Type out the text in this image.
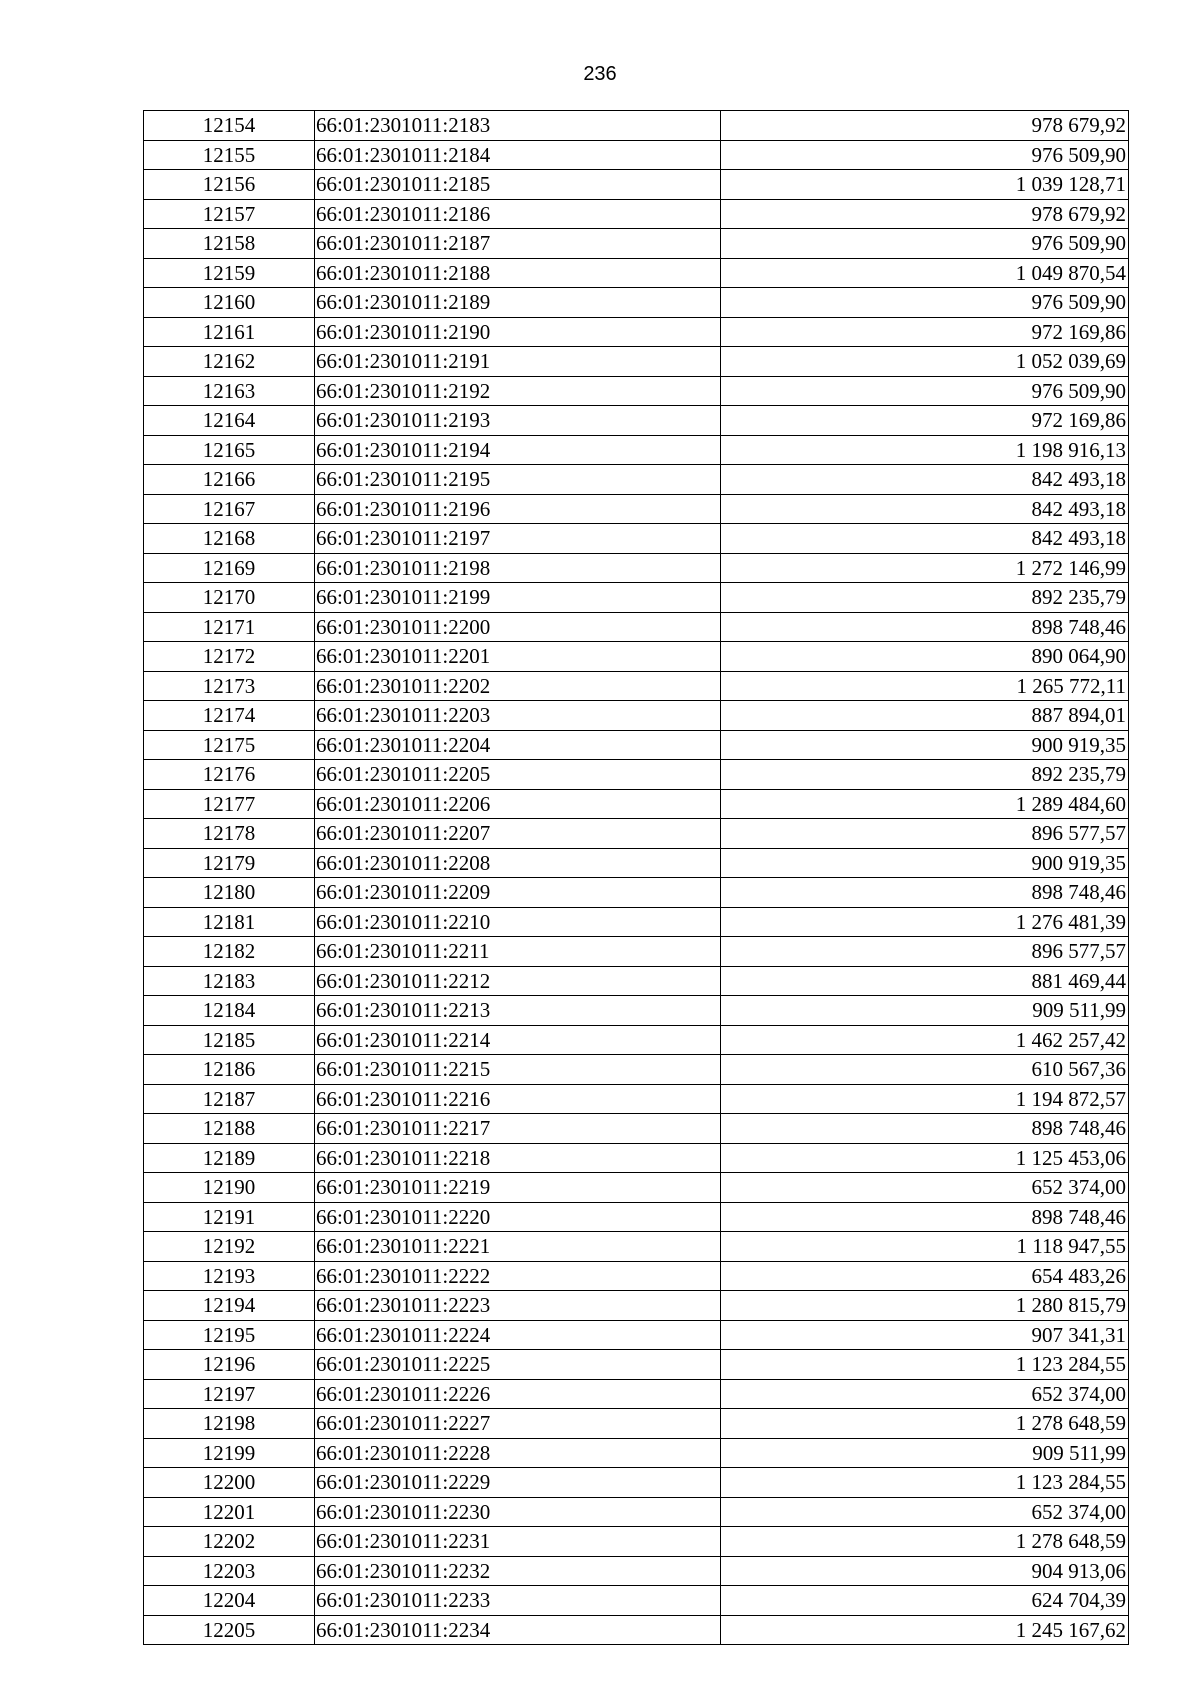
236
12154	66:01:2301011:2183	978 679,92
12155	66:01:2301011:2184	976 509,90
12156	66:01:2301011:2185	1 039 128,71
12157	66:01:2301011:2186	978 679,92
12158	66:01:2301011:2187	976 509,90
12159	66:01:2301011:2188	1 049 870,54
12160	66:01:2301011:2189	976 509,90
12161	66:01:2301011:2190	972 169,86
12162	66:01:2301011:2191	1 052 039,69
12163	66:01:2301011:2192	976 509,90
12164	66:01:2301011:2193	972 169,86
12165	66:01:2301011:2194	1 198 916,13
12166	66:01:2301011:2195	842 493,18
12167	66:01:2301011:2196	842 493,18
12168	66:01:2301011:2197	842 493,18
12169	66:01:2301011:2198	1 272 146,99
12170	66:01:2301011:2199	892 235,79
12171	66:01:2301011:2200	898 748,46
12172	66:01:2301011:2201	890 064,90
12173	66:01:2301011:2202	1 265 772,11
12174	66:01:2301011:2203	887 894,01
12175	66:01:2301011:2204	900 919,35
12176	66:01:2301011:2205	892 235,79
12177	66:01:2301011:2206	1 289 484,60
12178	66:01:2301011:2207	896 577,57
12179	66:01:2301011:2208	900 919,35
12180	66:01:2301011:2209	898 748,46
12181	66:01:2301011:2210	1 276 481,39
12182	66:01:2301011:2211	896 577,57
12183	66:01:2301011:2212	881 469,44
12184	66:01:2301011:2213	909 511,99
12185	66:01:2301011:2214	1 462 257,42
12186	66:01:2301011:2215	610 567,36
12187	66:01:2301011:2216	1 194 872,57
12188	66:01:2301011:2217	898 748,46
12189	66:01:2301011:2218	1 125 453,06
12190	66:01:2301011:2219	652 374,00
12191	66:01:2301011:2220	898 748,46
12192	66:01:2301011:2221	1 118 947,55
12193	66:01:2301011:2222	654 483,26
12194	66:01:2301011:2223	1 280 815,79
12195	66:01:2301011:2224	907 341,31
12196	66:01:2301011:2225	1 123 284,55
12197	66:01:2301011:2226	652 374,00
12198	66:01:2301011:2227	1 278 648,59
12199	66:01:2301011:2228	909 511,99
12200	66:01:2301011:2229	1 123 284,55
12201	66:01:2301011:2230	652 374,00
12202	66:01:2301011:2231	1 278 648,59
12203	66:01:2301011:2232	904 913,06
12204	66:01:2301011:2233	624 704,39
12205	66:01:2301011:2234	1 245 167,62
